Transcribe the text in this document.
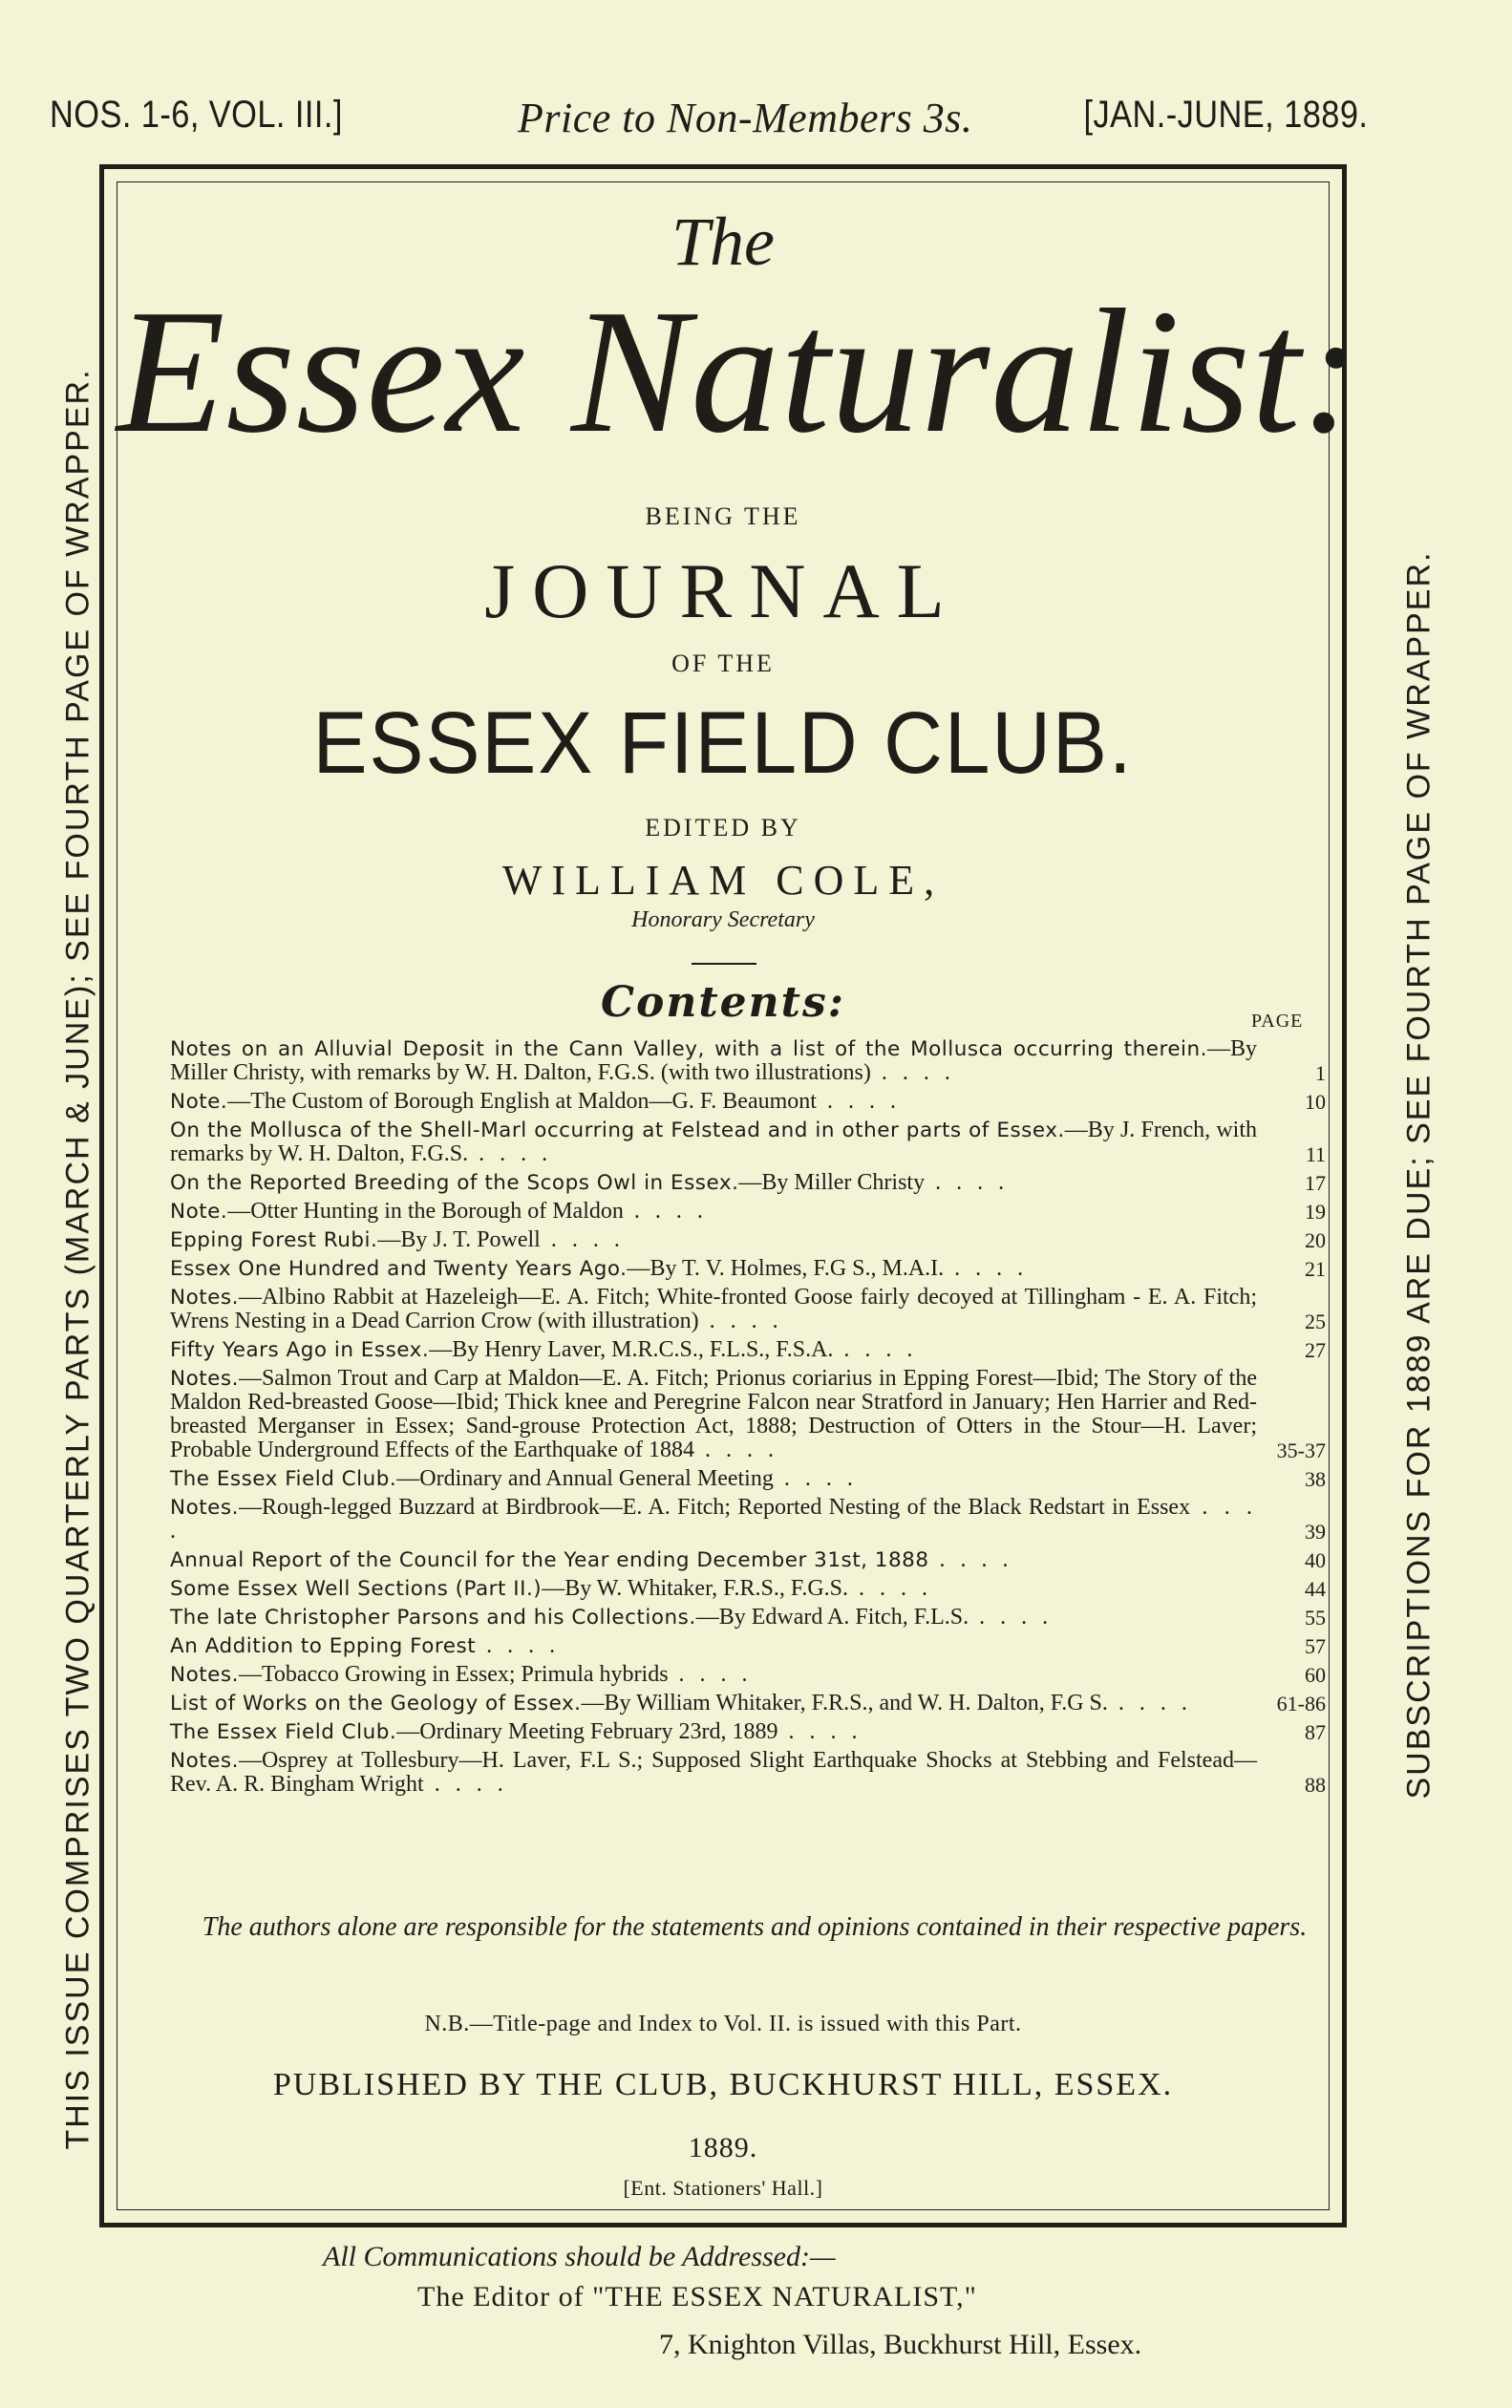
NOS. 1-6, VOL. III.]	Price to Non-Members 3s.	[JAN.-JUNE, 1889.
THIS ISSUE COMPRISES TWO QUARTERLY PARTS (MARCH & JUNE); SEE FOURTH PAGE OF WRAPPER.	SUBSCRIPTIONS FOR 1889 ARE DUE; SEE FOURTH PAGE OF WRAPPER.
The
Essex Naturalist:
BEING THE
JOURNAL
OF THE
ESSEX FIELD CLUB.
EDITED BY
WILLIAM COLE,
Honorary Secretary
Contents:	PAGE
Notes on an Alluvial Deposit in the Cann Valley, with a list of the Mollusca occurring therein.—By Miller Christy, with remarks by W. H. Dalton, F.G.S. (with two illustrations) . . . .	1
Note.—The Custom of Borough English at Maldon—G. F. Beaumont . . . .	10
On the Mollusca of the Shell-Marl occurring at Felstead and in other parts of Essex.—By J. French, with remarks by W. H. Dalton, F.G.S. . . . .	11
On the Reported Breeding of the Scops Owl in Essex.—By Miller Christy . . . .	17
Note.—Otter Hunting in the Borough of Maldon . . . .	19
Epping Forest Rubi.—By J. T. Powell . . . .	20
Essex One Hundred and Twenty Years Ago.—By T. V. Holmes, F.G S., M.A.I. . . . .	21
Notes.—Albino Rabbit at Hazeleigh—E. A. Fitch; White-fronted Goose fairly decoyed at Tillingham - E. A. Fitch; Wrens Nesting in a Dead Carrion Crow (with illustration) . . . .	25
Fifty Years Ago in Essex.—By Henry Laver, M.R.C.S., F.L.S., F.S.A. . . . .	27
Notes.—Salmon Trout and Carp at Maldon—E. A. Fitch; Prionus coriarius in Epping Forest—Ibid; The Story of the Maldon Red-breasted Goose—Ibid; Thick knee and Peregrine Falcon near Stratford in January; Hen Harrier and Red-breasted Merganser in Essex; Sand-grouse Protection Act, 1888; Destruction of Otters in the Stour—H. Laver; Probable Underground Effects of the Earthquake of 1884 . . . .	35-37
The Essex Field Club.—Ordinary and Annual General Meeting . . . .	38
Notes.—Rough-legged Buzzard at Birdbrook—E. A. Fitch; Reported Nesting of the Black Redstart in Essex . . . .	39
Annual Report of the Council for the Year ending December 31st, 1888 . . . .	40
Some Essex Well Sections (Part II.)—By W. Whitaker, F.R.S., F.G.S. . . . .	44
The late Christopher Parsons and his Collections.—By Edward A. Fitch, F.L.S. . . . .	55
An Addition to Epping Forest . . . .	57
Notes.—Tobacco Growing in Essex; Primula hybrids . . . .	60
List of Works on the Geology of Essex.—By William Whitaker, F.R.S., and W. H. Dalton, F.G S. . . . .	61-86
The Essex Field Club.—Ordinary Meeting February 23rd, 1889 . . . .	87
Notes.—Osprey at Tollesbury—H. Laver, F.L S.; Supposed Slight Earthquake Shocks at Stebbing and Felstead—Rev. A. R. Bingham Wright . . . .	88
The authors alone are responsible for the statements and opinions contained in their respective papers.
N.B.—Title-page and Index to Vol. II. is issued with this Part.
PUBLISHED BY THE CLUB, BUCKHURST HILL, ESSEX.
1889.
[Ent. Stationers' Hall.]
All Communications should be Addressed:—
The Editor of "THE ESSEX NATURALIST,"
7, Knighton Villas, Buckhurst Hill, Essex.
